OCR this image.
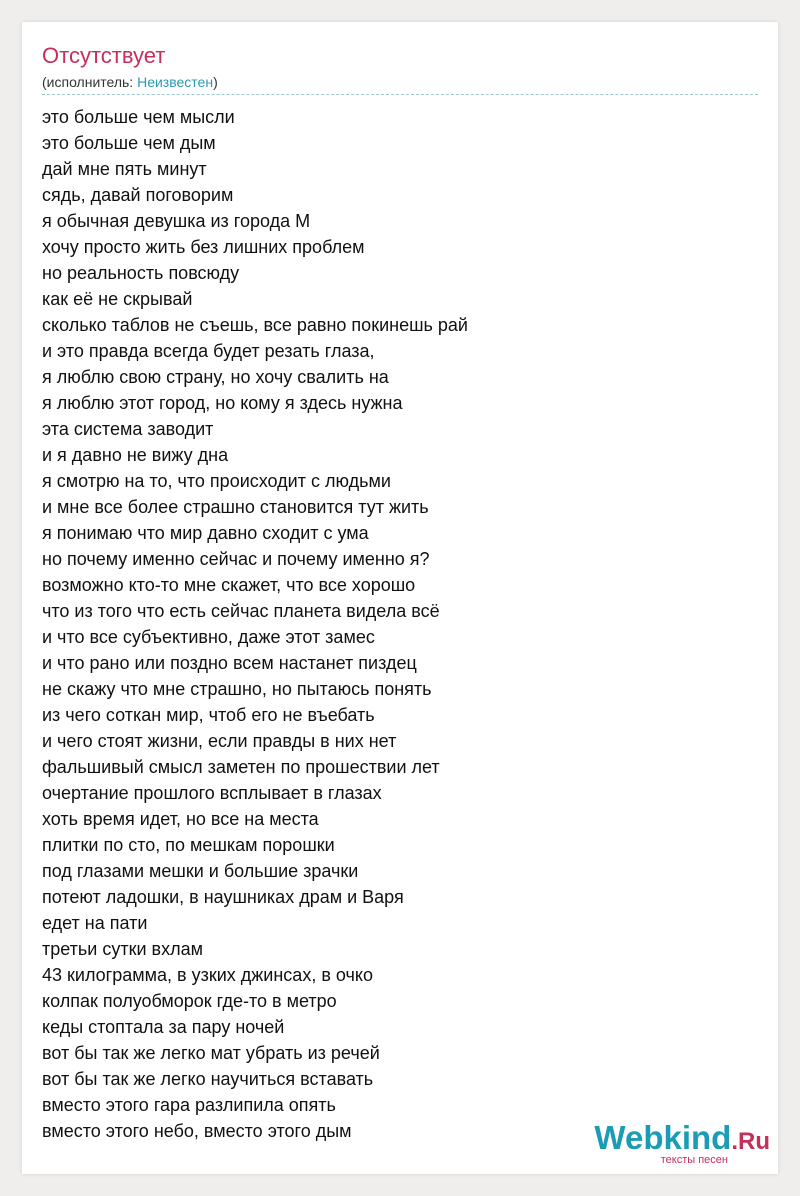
Отсутствует
(исполнитель: Неизвестен)
это больше чем мысли
это больше чем дым
дай мне пять минут
сядь, давай поговорим
я обычная девушка из города М
хочу просто жить без лишних проблем
но реальность повсюду
как её не скрывай
сколько таблов не съешь, все равно покинешь рай
и это правда всегда будет резать глаза,
я люблю свою страну, но хочу свалить на
я люблю этот город, но кому я здесь нужна
эта система заводит
и я давно не вижу дна
я смотрю на то, что происходит с людьми
и мне все более страшно становится тут жить
я понимаю что мир давно сходит с ума
но почему именно сейчас и почему именно я?
возможно кто-то мне скажет, что все хорошо
что из того что есть сейчас планета видела всё
и что все субъективно, даже этот замес
и что рано или поздно всем настанет пиздец
не скажу что мне страшно, но пытаюсь понять
из чего соткан мир, чтоб его не въебать
и чего стоят жизни, если правды в них нет
фальшивый смысл заметен по прошествии лет
очертание прошлого всплывает в глазах
хоть время идет, но все на места
плитки по сто, по мешкам порошки
под глазами мешки и большие зрачки
потеют ладошки, в наушниках драм и Варя
едет на пати
третьи сутки вхлам
43 килограмма, в узких джинсах, в очко
колпак полуобморок где-то в метро
кеды стоптала за пару ночей
вот бы так же легко мат убрать из речей
вот бы так же легко научиться вставать
вместо этого гара разлипила опять
вместо этого небо, вместо этого дым	Webkind.Ru
тексты песен
